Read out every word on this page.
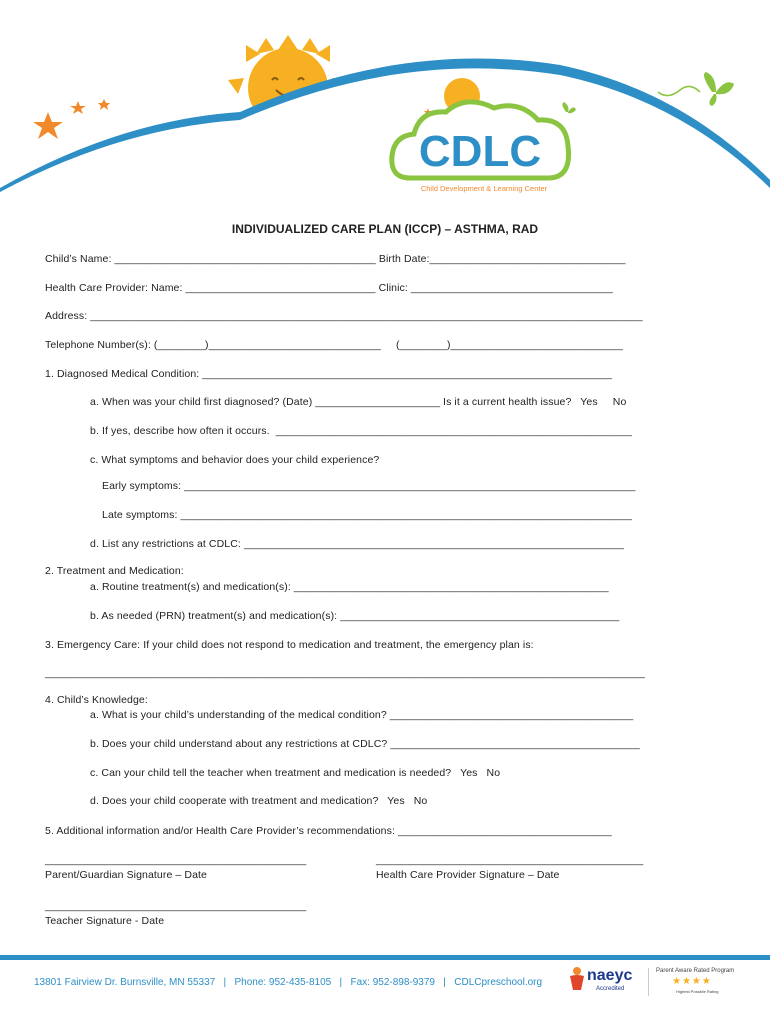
CDLC
Child Development & Learning Center
INDIVIDUALIZED CARE PLAN (ICCP) – ASTHMA, RAD
Child’s Name: ____________________________________________ Birth Date:_________________________________
Health Care Provider: Name: ________________________________ Clinic: __________________________________
Address: _____________________________________________________________________________________________
Telephone Number(s): (________)_____________________________     (________)_____________________________
1. Diagnosed Medical Condition: _____________________________________________________________________
a. When was your child first diagnosed? (Date) _____________________ Is it a current health issue?   Yes     No
b. If yes, describe how often it occurs.  ____________________________________________________________
c. What symptoms and behavior does your child experience?
Early symptoms: ____________________________________________________________________________
Late symptoms: ____________________________________________________________________________
d. List any restrictions at CDLC: ________________________________________________________________
2. Treatment and Medication:
a. Routine treatment(s) and medication(s): _____________________________________________________
b. As needed (PRN) treatment(s) and medication(s): _______________________________________________
3. Emergency Care: If your child does not respond to medication and treatment, the emergency plan is:
_____________________________________________________________________________________________________
4. Child’s Knowledge:
a. What is your child’s understanding of the medical condition? _________________________________________
b. Does your child understand about any restrictions at CDLC? __________________________________________
c. Can your child tell the teacher when treatment and medication is needed?   Yes   No
d. Does your child cooperate with treatment and medication?   Yes   No
5. Additional information and/or Health Care Provider’s recommendations: ____________________________________
____________________________________________
Parent/Guardian Signature – Date
_____________________________________________
Health Care Provider Signature – Date
____________________________________________
Teacher Signature - Date
13801 Fairview Dr. Burnsville, MN 55337   |   Phone: 952-435-8105   |   Fax: 952-898-9379   |   CDLCpreschool.org	naeyc
Accredited
Parent Aware Rated Program
★★★★
Highest Possible Rating
